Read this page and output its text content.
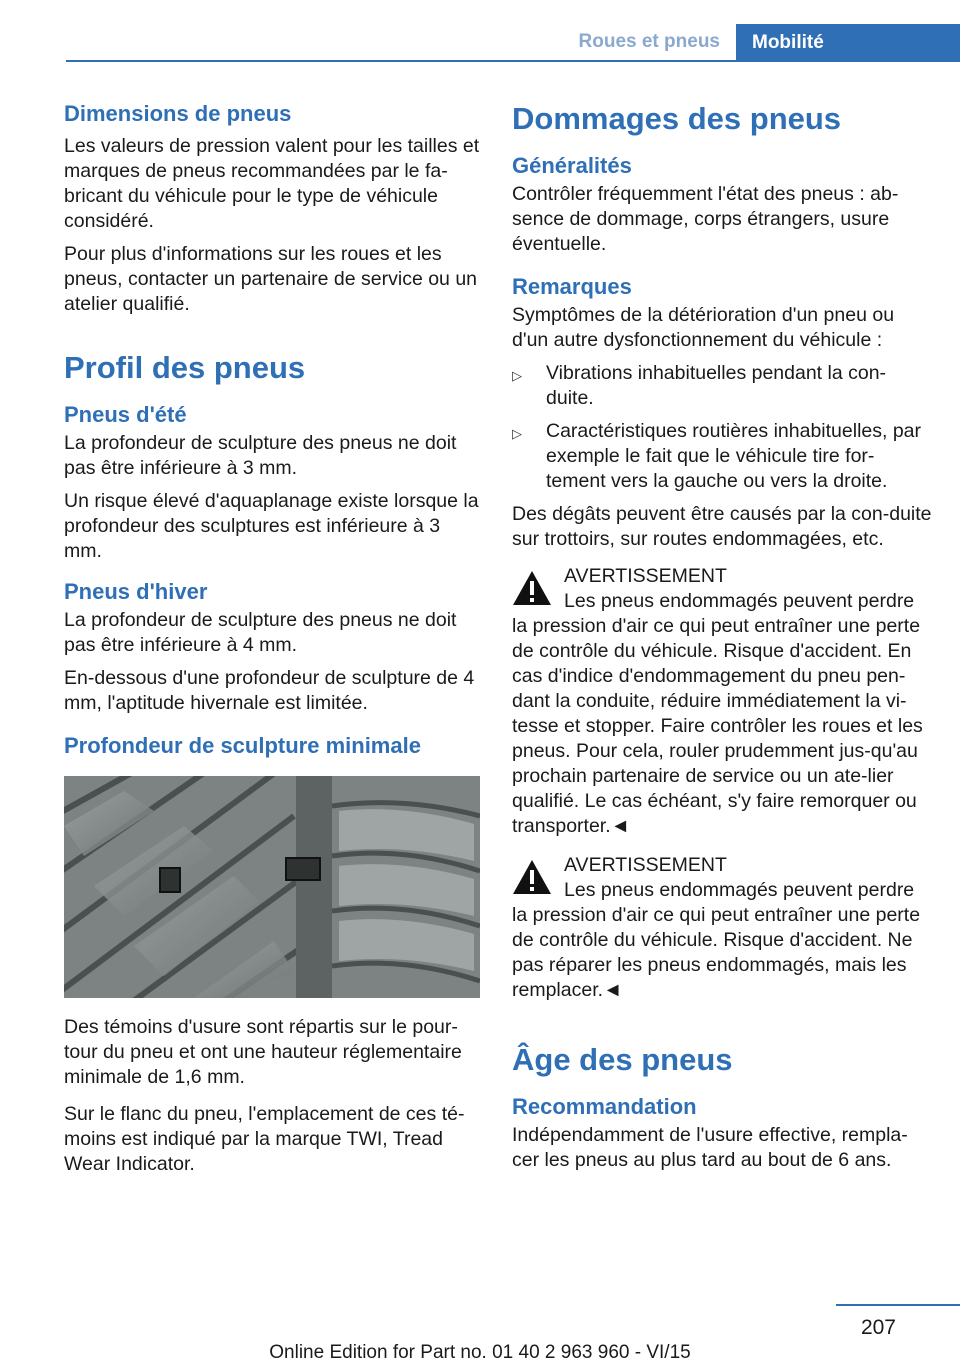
Roues et pneus	Mobilité
Dimensions de pneus
Les valeurs de pression valent pour les tailles et marques de pneus recommandées par le fa-bricant du véhicule pour le type de véhicule considéré.
Pour plus d'informations sur les roues et les pneus, contacter un partenaire de service ou un atelier qualifié.
Profil des pneus
Pneus d'été
La profondeur de sculpture des pneus ne doit pas être inférieure à 3 mm.
Un risque élevé d'aquaplanage existe lorsque la profondeur des sculptures est inférieure à 3 mm.
Pneus d'hiver
La profondeur de sculpture des pneus ne doit pas être inférieure à 4 mm.
En-dessous d'une profondeur de sculpture de 4 mm, l'aptitude hivernale est limitée.
Profondeur de sculpture minimale
Des témoins d'usure sont répartis sur le pour-tour du pneu et ont une hauteur réglementaire minimale de 1,6 mm.
Sur le flanc du pneu, l'emplacement de ces té-moins est indiqué par la marque TWI, Tread Wear Indicator.
Dommages des pneus
Généralités
Contrôler fréquemment l'état des pneus : ab-sence de dommage, corps étrangers, usure éventuelle.
Remarques
Symptômes de la détérioration d'un pneu ou d'un autre dysfonctionnement du véhicule :
▷ Vibrations inhabituelles pendant la con-duite.
▷ Caractéristiques routières inhabituelles, par exemple le fait que le véhicule tire for-tement vers la gauche ou vers la droite.
Des dégâts peuvent être causés par la con-duite sur trottoirs, sur routes endommagées, etc.
AVERTISSEMENT
Les pneus endommagés peuvent perdre la pression d'air ce qui peut entraîner une perte de contrôle du véhicule. Risque d'accident. En cas d'indice d'endommagement du pneu pen-dant la conduite, réduire immédiatement la vi-tesse et stopper. Faire contrôler les roues et les pneus. Pour cela, rouler prudemment jus-qu'au prochain partenaire de service ou un ate-lier qualifié. Le cas échéant, s'y faire remorquer ou transporter.◄
AVERTISSEMENT
Les pneus endommagés peuvent perdre la pression d'air ce qui peut entraîner une perte de contrôle du véhicule. Risque d'accident. Ne pas réparer les pneus endommagés, mais les remplacer.◄
Âge des pneus
Recommandation
Indépendamment de l'usure effective, rempla-cer les pneus au plus tard au bout de 6 ans.
207
Online Edition for Part no. 01 40 2 963 960 - VI/15
